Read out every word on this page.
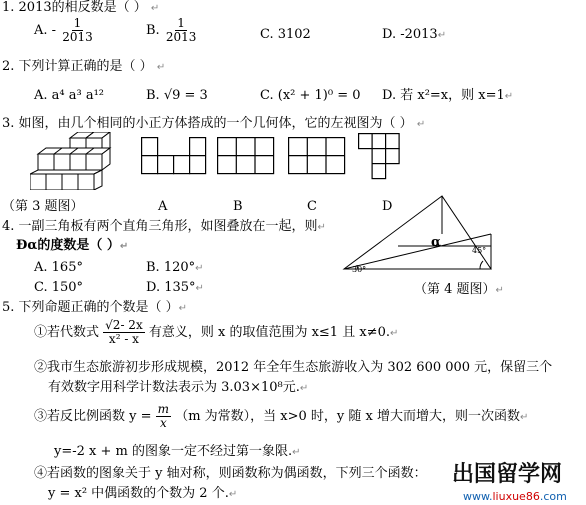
1. 2013的相反数是（ ） ↵
A. - $\frac{1}{2013}$	B. $\frac{1}{2013}$	C. 3102	D. -2013↵
2. 下列计算正确的是（ ） ↵
A. a⁴ a³ a¹²	B. √9 = 3	C. (x² + 1)⁰ = 0 D. 若 x²=x，则 x=1↵
3. 如图，由几个相同的小正方体搭成的一个几何体，它的左视图为（ ） ↵
（第 3 题图）	A	B	C	D
4. 一副三角板有两个直角三角形，如图叠放在一起，则↵
Đα的度数是（ ）↵
A. 165°	B. 120°↵
C. 150°	D. 135°↵
α
45°
30°
（第 4 题图）↵
5. 下列命题正确的个数是（ ）↵
①若代数式 $\frac{√2- 2x}{\text{x² - x}}$ 有意义，则 x 的取值范围为 x≤1 且 x≠0.↵
②我市生态旅游初步形成规模，2012 年全年生态旅游收入为 302 600 000 元，保留三个
有效数字用科学计数法表示为 3.03×10⁸元.↵
③若反比例函数 $y = \frac{m}{x} (m$ 为常数），当 x>0 时，y 随 x 增大而增大，则一次函数↵
y=-2 x + m 的图象一定不经过第一象限.↵
④若函数的图象关于 y 轴对称，则函数称为偶函数，下列三个函数：
y = x² 中偶函数的个数为 2 个.↵
出国留学网
www.liuxue86.com
